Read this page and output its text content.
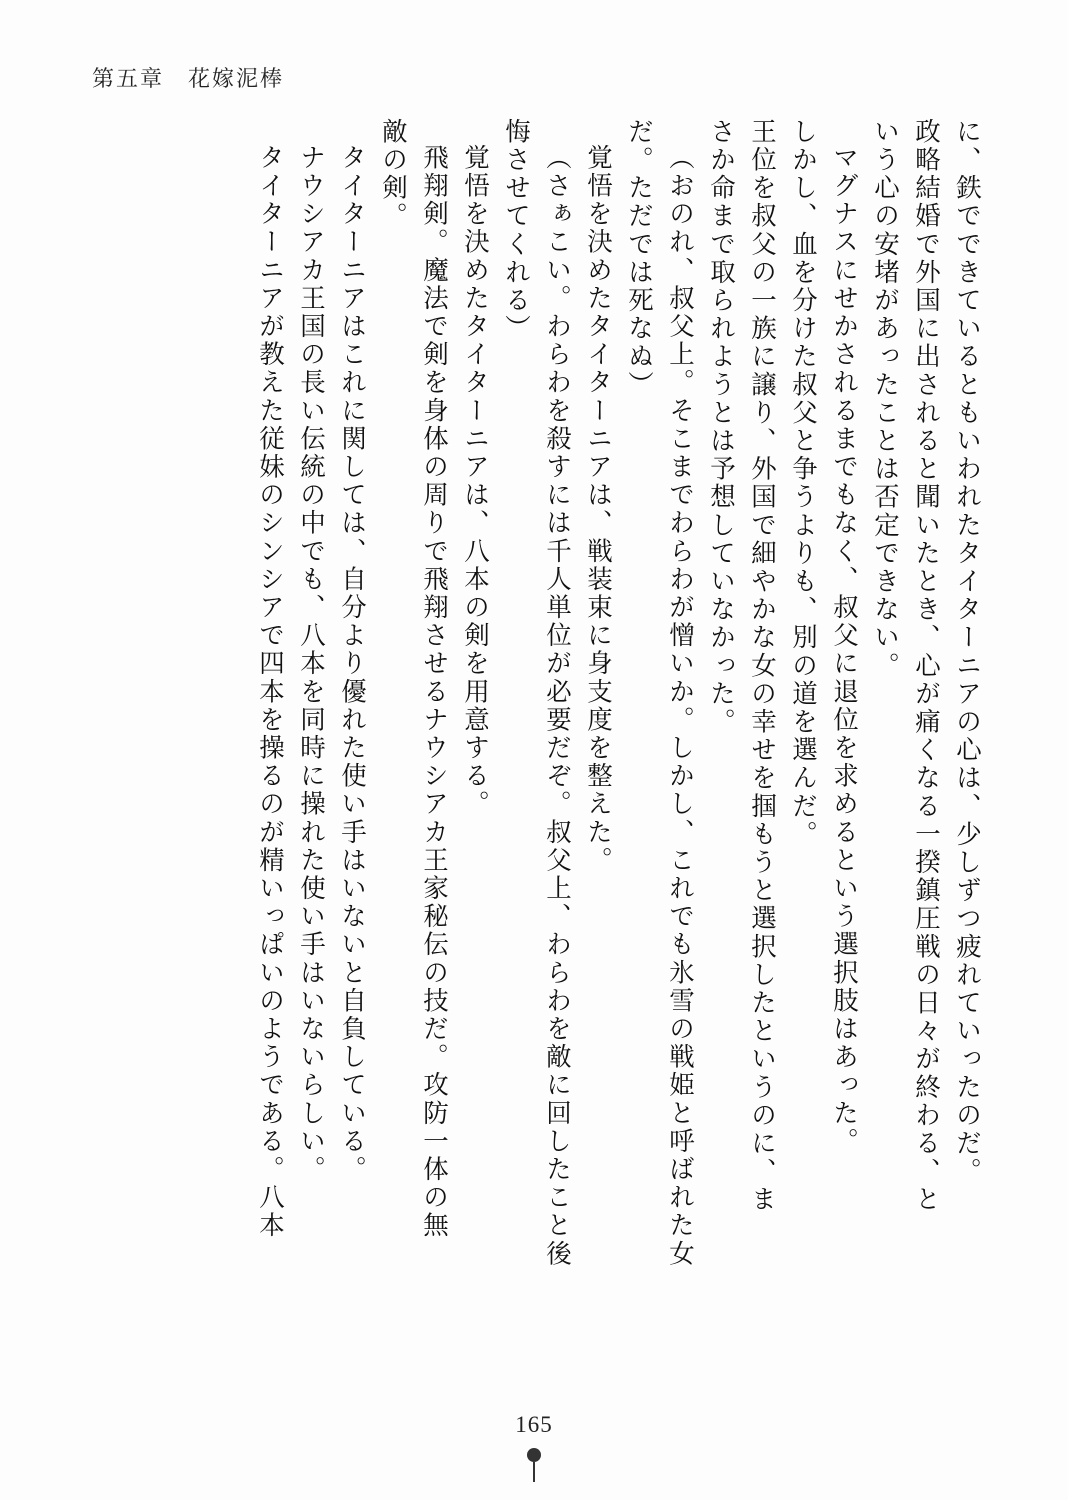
第五章　花嫁泥棒
に、鉄でできているともいわれたタイターニアの心は、少しずつ疲れていったのだ。
政略結婚で外国に出されると聞いたとき、心が痛くなる一揆鎮圧戦の日々が終わる、と
いう心の安堵があったことは否定できない。
マグナスにせかされるまでもなく、叔父に退位を求めるという選択肢はあった。
しかし、血を分けた叔父と争うよりも、別の道を選んだ。
王位を叔父の一族に譲り、外国で細やかな女の幸せを掴もうと選択したというのに、ま
さか命まで取られようとは予想していなかった。
（おのれ、叔父上。そこまでわらわが憎いか。しかし、これでも氷雪の戦姫と呼ばれた女
だ。ただでは死なぬ）
覚悟を決めたタイターニアは、戦装束に身支度を整えた。
（さぁこい。わらわを殺すには千人単位が必要だぞ。叔父上、わらわを敵に回したこと後
悔させてくれる）
覚悟を決めたタイターニアは、八本の剣を用意する。
飛翔剣。魔法で剣を身体の周りで飛翔させるナウシアカ王家秘伝の技だ。攻防一体の無
敵の剣。
タイターニアはこれに関しては、自分より優れた使い手はいないと自負している。
ナウシアカ王国の長い伝統の中でも、八本を同時に操れた使い手はいないらしい。
タイターニアが教えた従妹のシンシアで四本を操るのが精いっぱいのようである。八本
165
